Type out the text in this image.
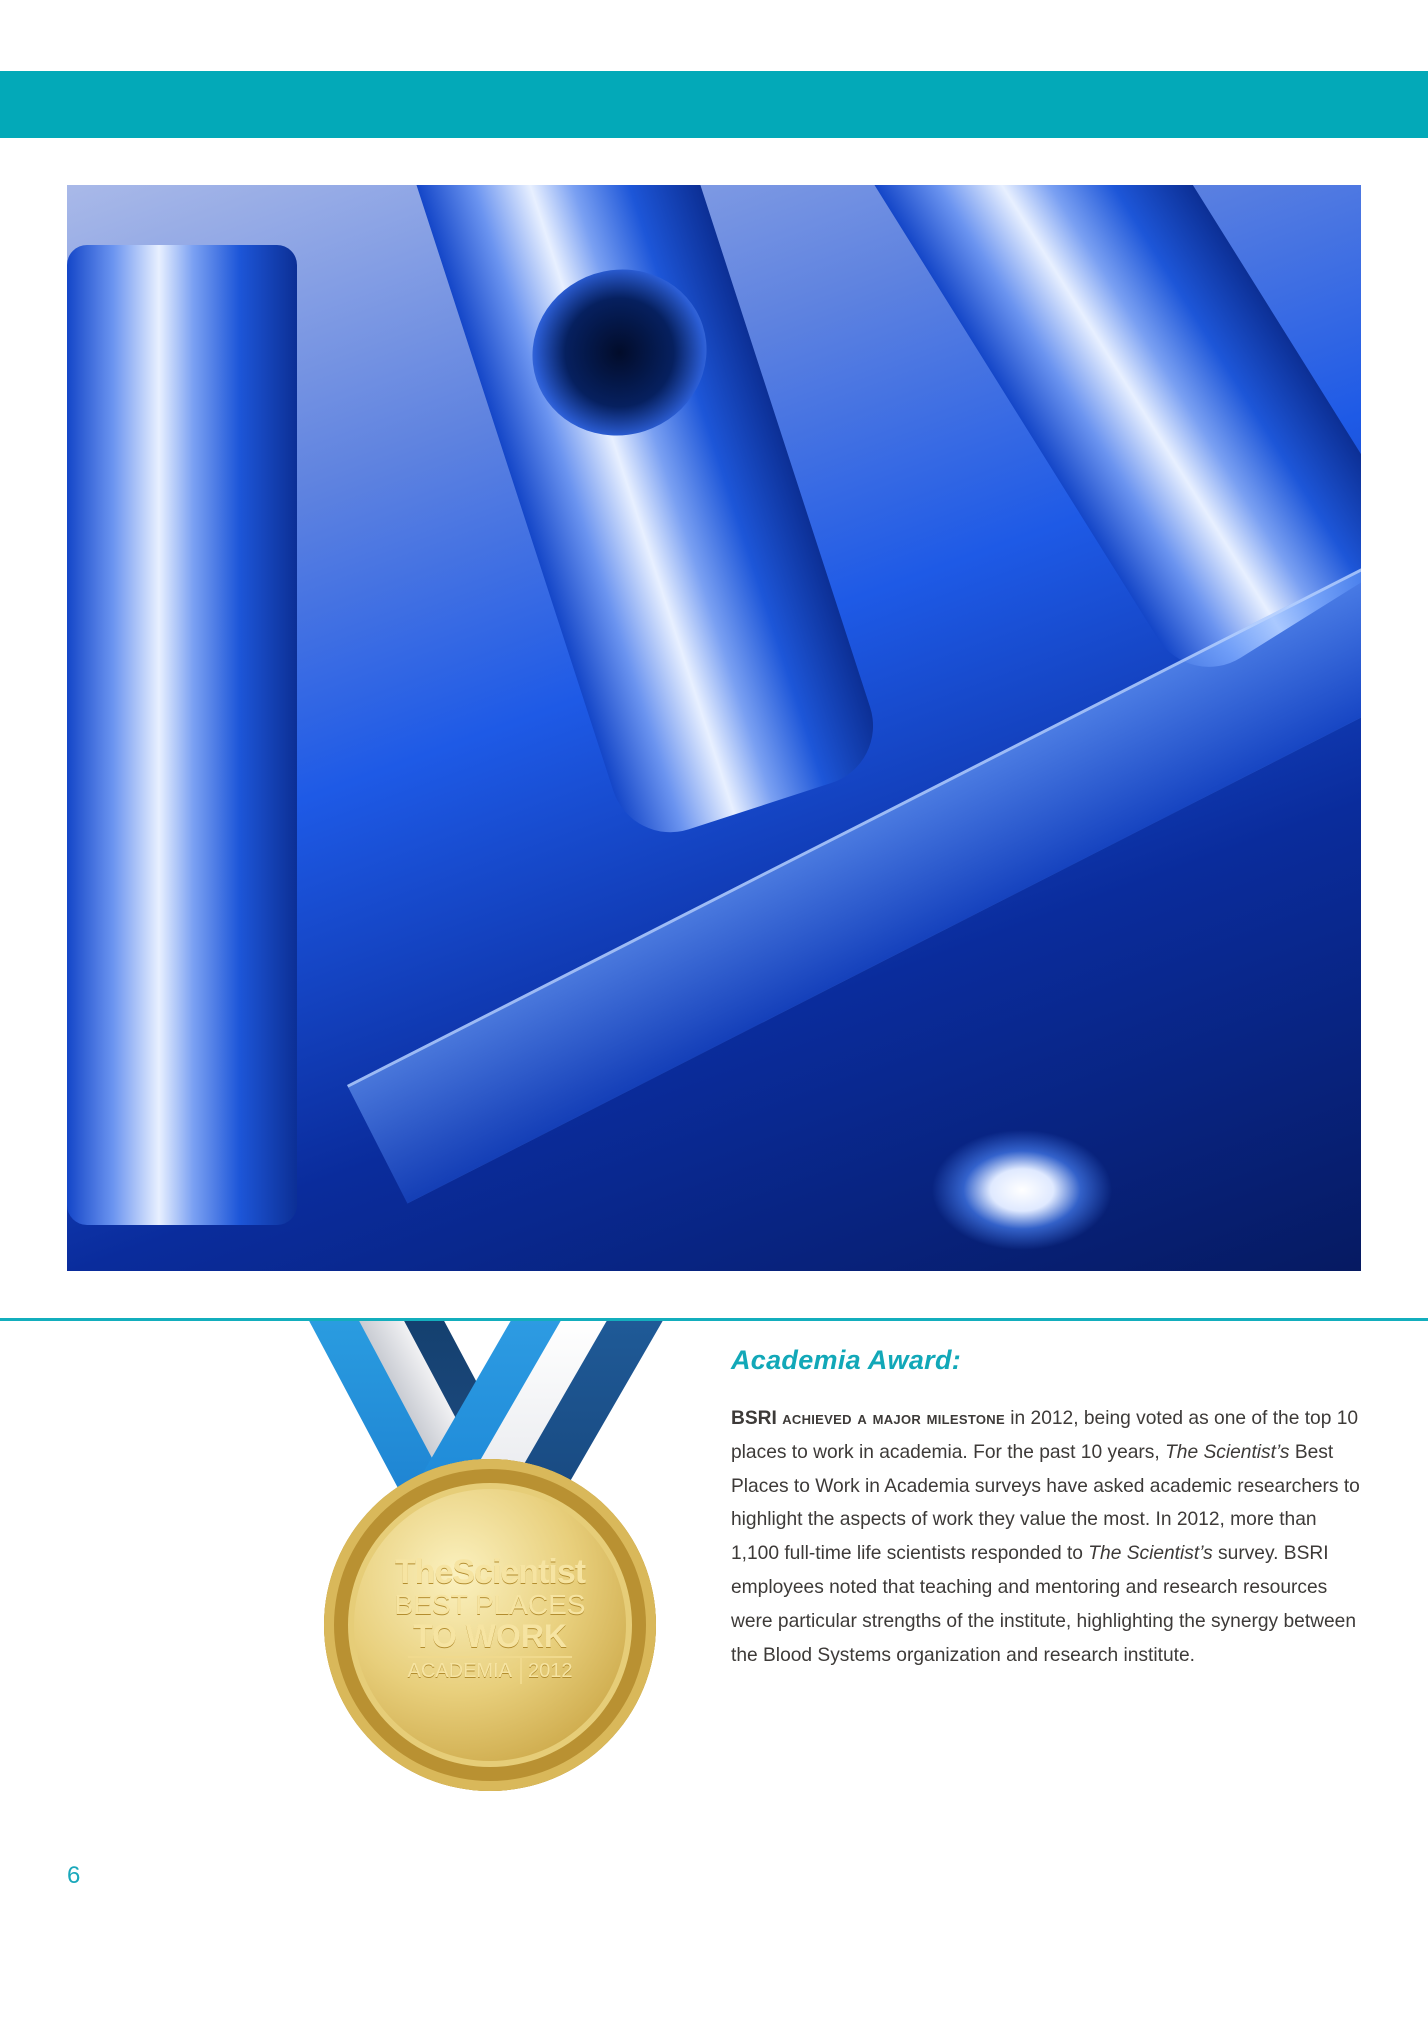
TheScientist
BEST PLACES
TO WORK
ACADEMIA 2012
Academia Award:

BSRI achieved a major milestone in 2012, being voted as one of the top 10 places to work in academia. For the past 10 years, The Scientist’s Best Places to Work in Academia surveys have asked academic researchers to highlight the aspects of work they value the most. In 2012, more than 1,100 full-time life scientists responded to The Scientist’s survey. BSRI employees noted that teaching and mentoring and research resources were particular strengths of the institute, highlighting the synergy between the Blood Systems organization and research institute.

6
